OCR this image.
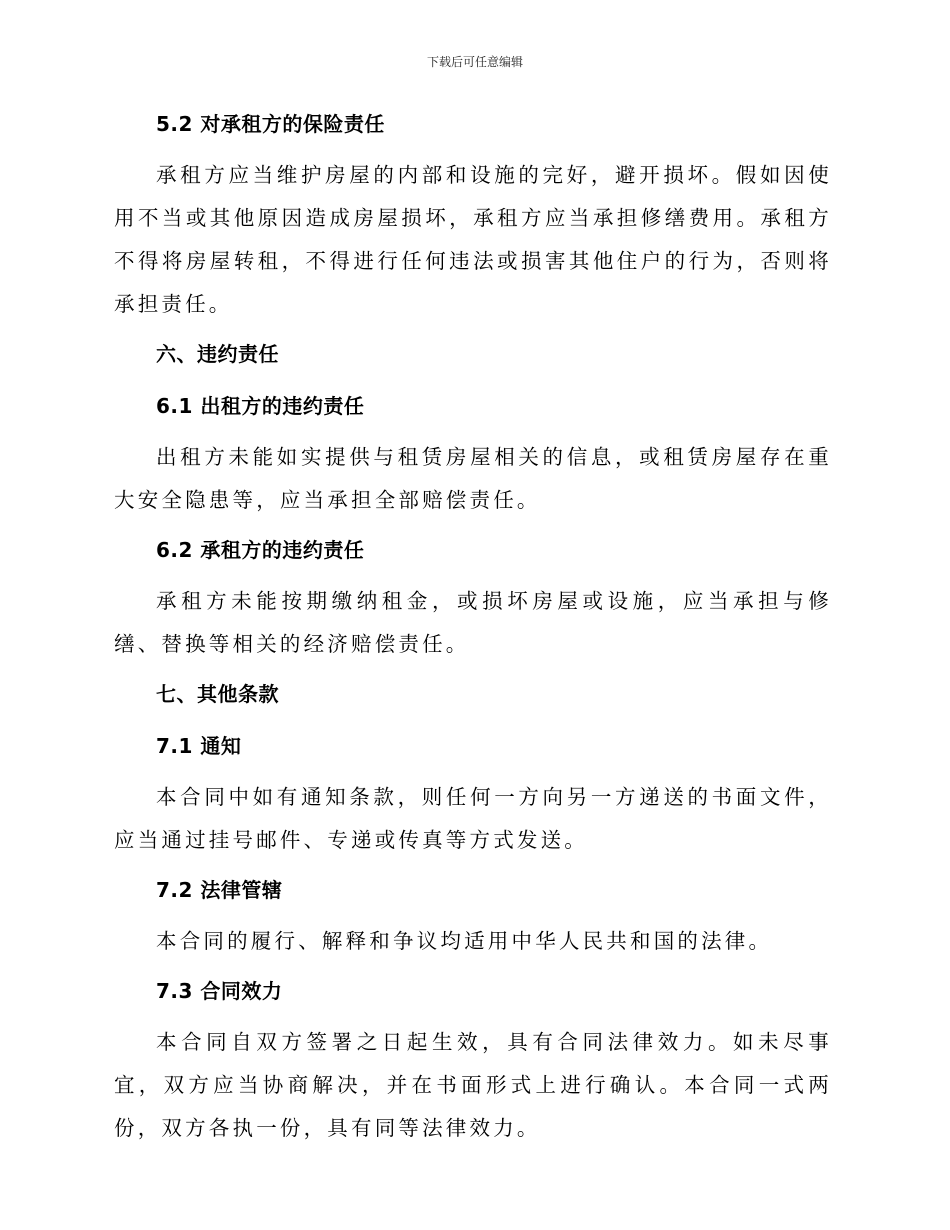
下载后可任意编辑

5.2 对承租方的保险责任

承租方应当维护房屋的内部和设施的完好，避开损坏。假如因使用不当或其他原因造成房屋损坏，承租方应当承担修缮费用。承租方不得将房屋转租，不得进行任何违法或损害其他住户的行为，否则将承担责任。

六、违约责任

6.1 出租方的违约责任

出租方未能如实提供与租赁房屋相关的信息，或租赁房屋存在重大安全隐患等，应当承担全部赔偿责任。

6.2 承租方的违约责任

承租方未能按期缴纳租金，或损坏房屋或设施，应当承担与修缮、替换等相关的经济赔偿责任。

七、其他条款

7.1 通知

本合同中如有通知条款，则任何一方向另一方递送的书面文件，应当通过挂号邮件、专递或传真等方式发送。

7.2 法律管辖

本合同的履行、解释和争议均适用中华人民共和国的法律。

7.3 合同效力

本合同自双方签署之日起生效，具有合同法律效力。如未尽事宜，双方应当协商解决，并在书面形式上进行确认。本合同一式两份，双方各执一份，具有同等法律效力。
